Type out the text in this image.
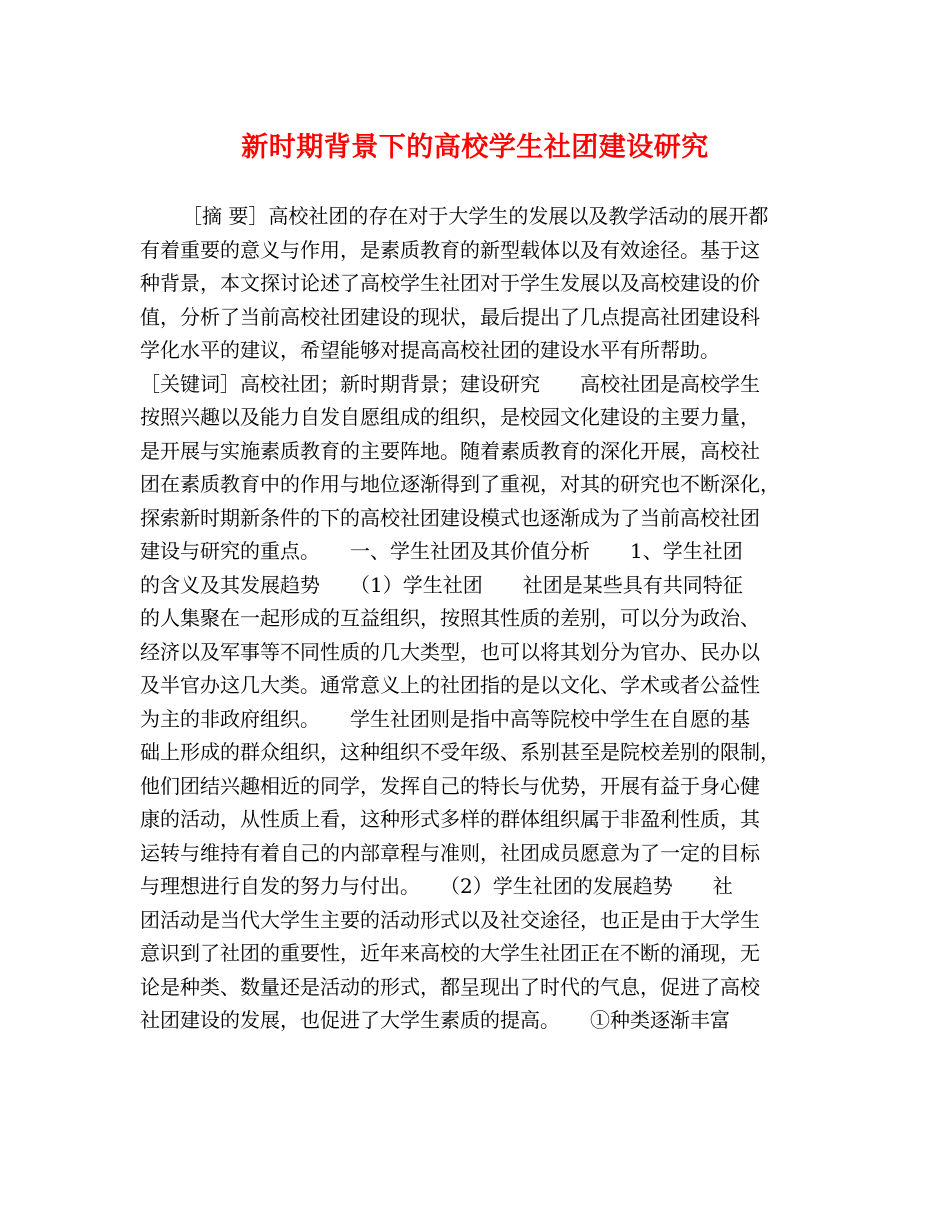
新时期背景下的高校学生社团建设研究
［摘 要］高校社团的存在对于大学生的发展以及教学活动的展开都
有着重要的意义与作用，是素质教育的新型载体以及有效途径。基于这
种背景，本文探讨论述了高校学生社团对于学生发展以及高校建设的价
值，分析了当前高校社团建设的现状，最后提出了几点提高社团建设科
学化水平的建议，希望能够对提高高校社团的建设水平有所帮助。
［关键词］高校社团；新时期背景；建设研究　　高校社团是高校学生
按照兴趣以及能力自发自愿组成的组织，是校园文化建设的主要力量，
是开展与实施素质教育的主要阵地。随着素质教育的深化开展，高校社
团在素质教育中的作用与地位逐渐得到了重视，对其的研究也不断深化，
探索新时期新条件的下的高校社团建设模式也逐渐成为了当前高校社团
建设与研究的重点。　　一、学生社团及其价值分析　　1、学生社团
的含义及其发展趋势　　（1）学生社团　　社团是某些具有共同特征
的人集聚在一起形成的互益组织，按照其性质的差别，可以分为政治、
经济以及军事等不同性质的几大类型，也可以将其划分为官办、民办以
及半官办这几大类。通常意义上的社团指的是以文化、学术或者公益性
为主的非政府组织。　　学生社团则是指中高等院校中学生在自愿的基
础上形成的群众组织，这种组织不受年级、系别甚至是院校差别的限制，
他们团结兴趣相近的同学，发挥自己的特长与优势，开展有益于身心健
康的活动，从性质上看，这种形式多样的群体组织属于非盈利性质，其
运转与维持有着自己的内部章程与准则，社团成员愿意为了一定的目标
与理想进行自发的努力与付出。　　（2）学生社团的发展趋势　　社
团活动是当代大学生主要的活动形式以及社交途径，也正是由于大学生
意识到了社团的重要性，近年来高校的大学生社团正在不断的涌现，无
论是种类、数量还是活动的形式，都呈现出了时代的气息，促进了高校
社团建设的发展，也促进了大学生素质的提高。　　①种类逐渐丰富
